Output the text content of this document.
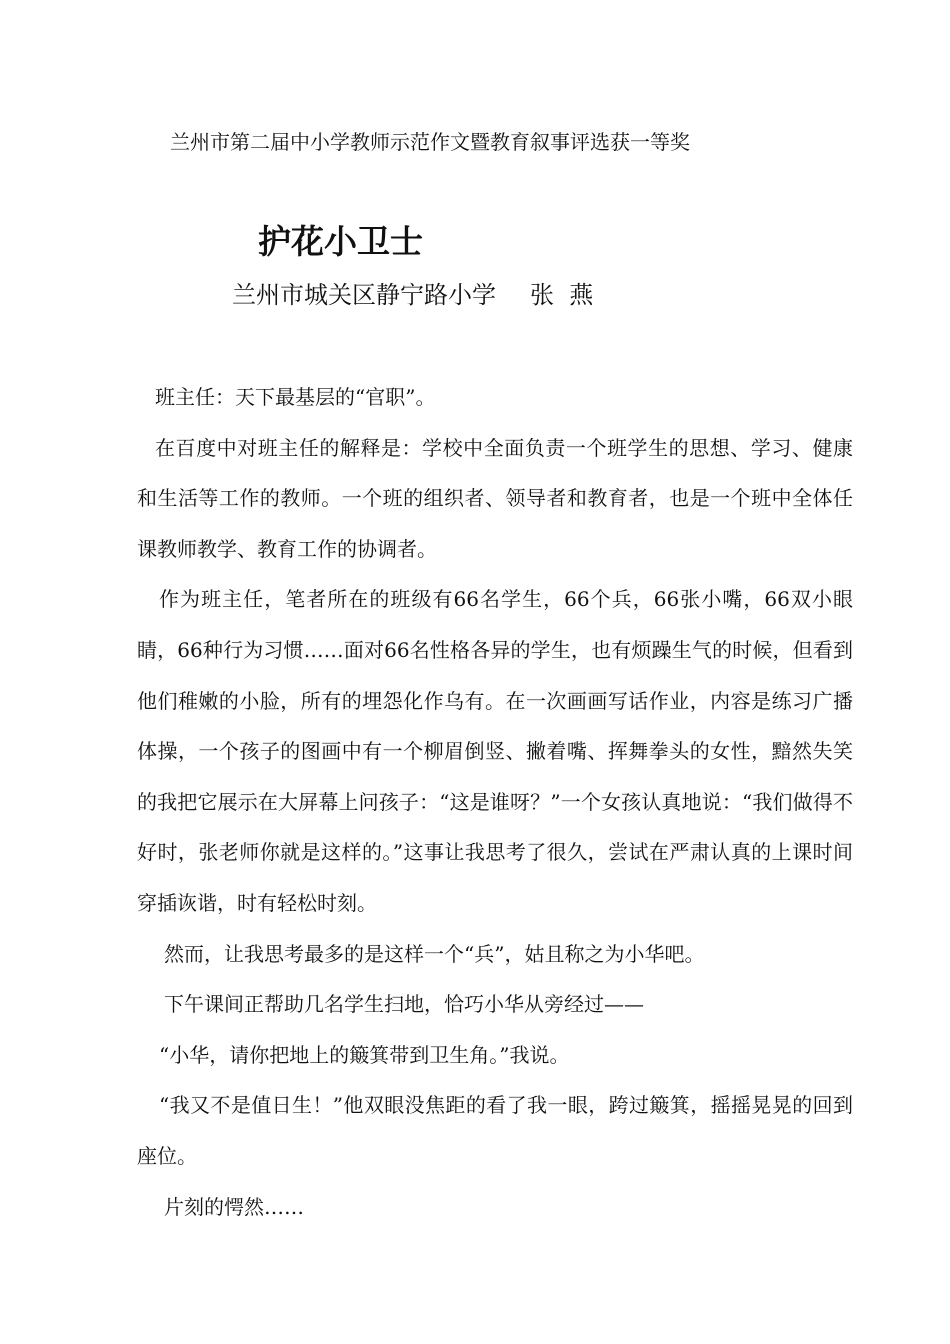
兰州市第二届中小学教师示范作文暨教育叙事评选获一等奖
护花小卫士
兰州市城关区静宁路小学 张  燕

班主任：天下最基层的“官职”。

在百度中对班主任的解释是：学校中全面负责一个班学生的思想、学习、健康和生活等工作的教师。一个班的组织者、领导者和教育者，也是一个班中全体任课教师教学、教育工作的协调者。

作为班主任，笔者所在的班级有66名学生，66个兵，66张小嘴，66双小眼睛，66种行为习惯……面对66名性格各异的学生，也有烦躁生气的时候，但看到他们稚嫩的小脸，所有的埋怨化作乌有。在一次画画写话作业，内容是练习广播体操，一个孩子的图画中有一个柳眉倒竖、撇着嘴、挥舞拳头的女性，黯然失笑的我把它展示在大屏幕上问孩子：“这是谁呀？”一个女孩认真地说：“我们做得不好时，张老师你就是这样的。”这事让我思考了很久，尝试在严肃认真的上课时间穿插诙谐，时有轻松时刻。

然而，让我思考最多的是这样一个“兵”，姑且称之为小华吧。

下午课间正帮助几名学生扫地，恰巧小华从旁经过——

“小华，请你把地上的簸箕带到卫生角。”我说。

“我又不是值日生！”他双眼没焦距的看了我一眼，跨过簸箕，摇摇晃晃的回到座位。

片刻的愕然……
